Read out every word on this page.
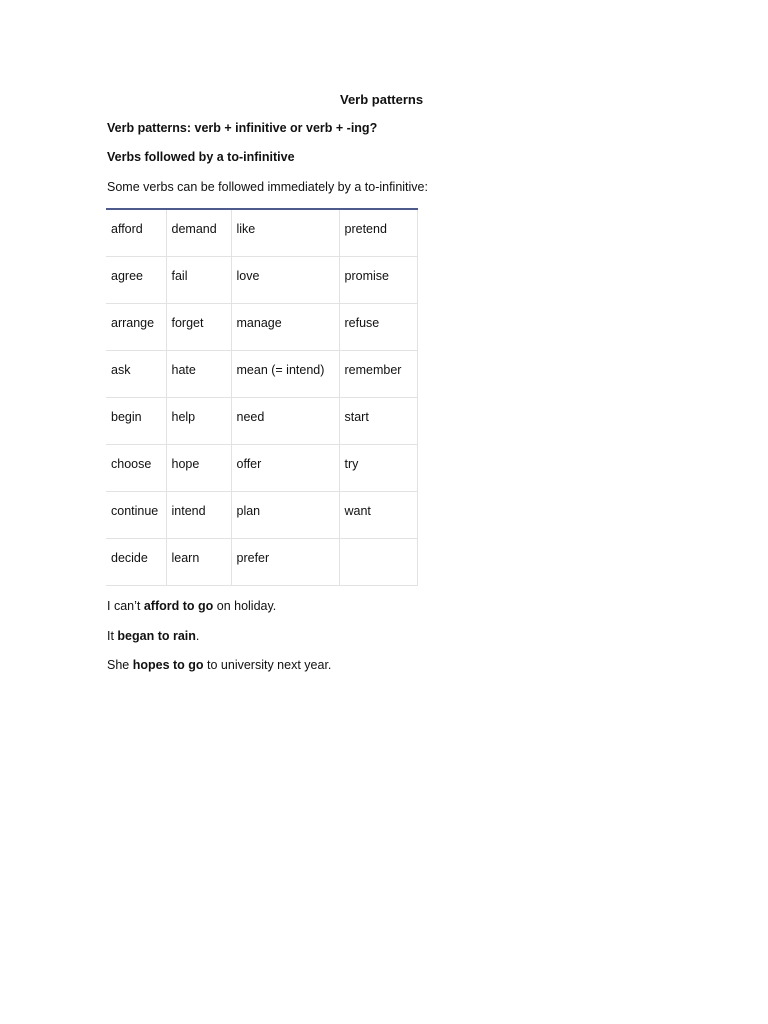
Verb patterns
Verb patterns: verb + infinitive or verb + -ing?
Verbs followed by a to-infinitive
Some verbs can be followed immediately by a to-infinitive:
afford	demand	like	pretend
agree	fail	love	promise
arrange	forget	manage	refuse
ask	hate	mean (= intend)	remember
begin	help	need	start
choose	hope	offer	try
continue	intend	plan	want
decide	learn	prefer	
I can’t afford to go on holiday.
It began to rain.
She hopes to go to university next year.
